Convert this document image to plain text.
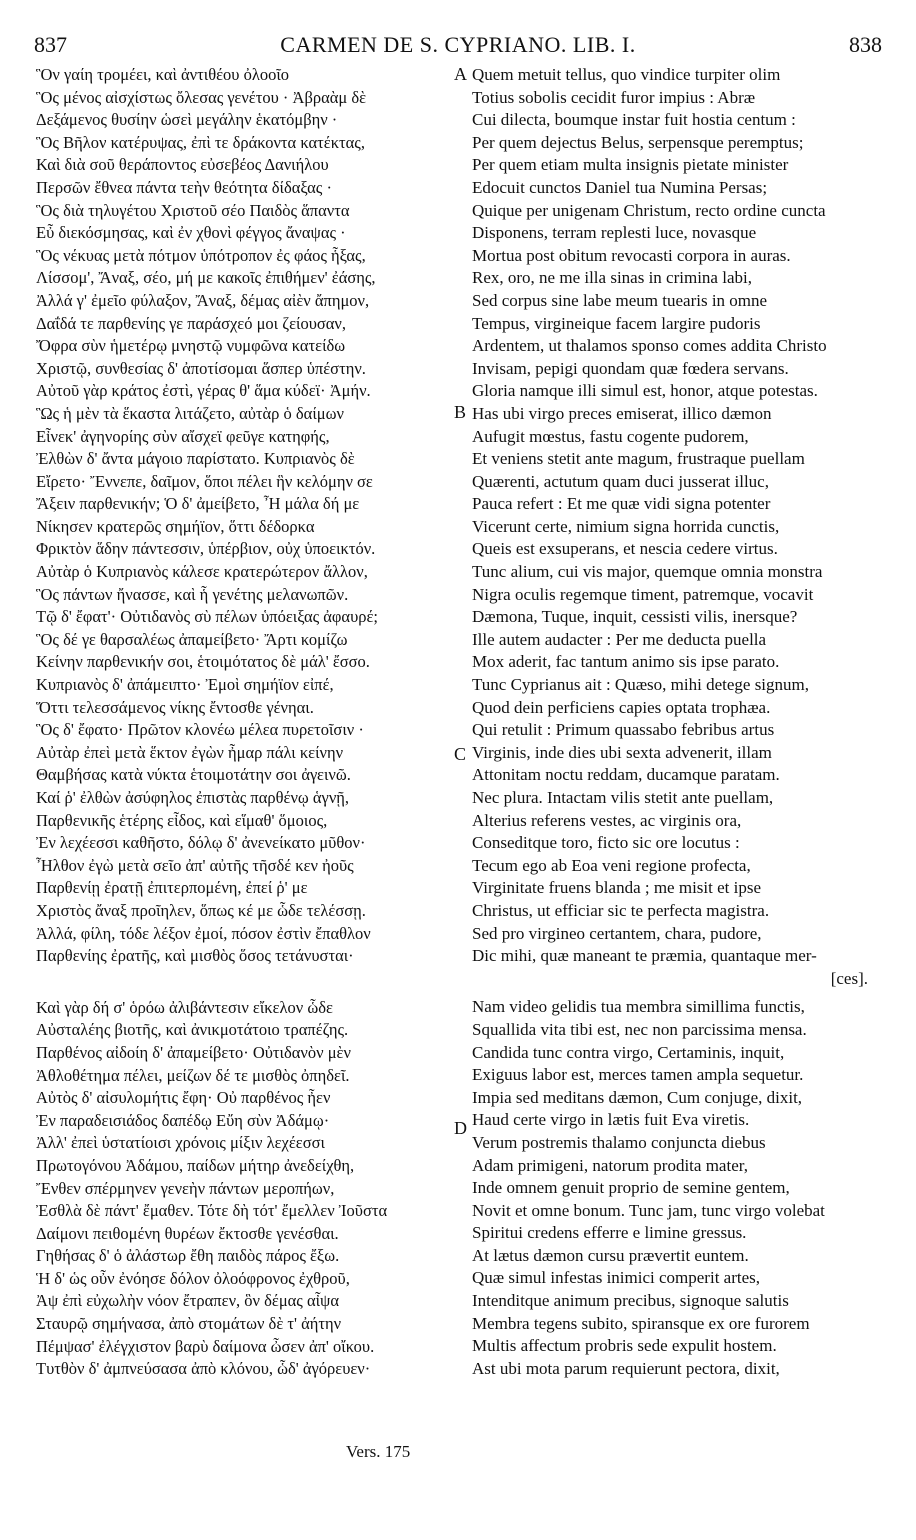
837	CARMEN DE S. CYPRIANO. LIB. I.	838
Ὃν γαίη τρομέει, καὶ ἀντιθέου ὀλοοῖο
Ὃς μένος αἰσχίστως ὄλεσας γενέτου · Ἀβραὰμ δὲ
Δεξάμενος θυσίην ὡσεὶ μεγάλην ἑκατόμβην ·
Ὃς Βῆλον κατέρυψας, ἐπὶ τε δράκοντα κατέκτας,
Καὶ διὰ σοῦ θεράποντος εὐσεβέος Δανιήλου
Περσῶν ἔθνεα πάντα τεὴν θεότητα δίδαξας ·
Ὃς διὰ τηλυγέτου Χριστοῦ σέο Παιδὸς ἅπαντα
Εὖ διεκόσμησας, καὶ ἐν χθονὶ φέγγος ἄναψας ·
Ὃς νέκυας μετὰ πότμον ὑπότροπον ἐς φάος ἧξας,
Λίσσομ', Ἄναξ, σέο, μή με κακοῖς ἐπιθήμεν' ἐάσης,
Ἀλλά γ' ἐμεῖο φύλαξον, Ἄναξ, δέμας αἰὲν ἄπημον,
Δαΐδά τε παρθενίης γε παράσχεό μοι ζείουσαν,
Ὄφρα σὺν ἡμετέρῳ μνηστῷ νυμφῶνα κατείδω
Χριστῷ, συνθεσίας δ' ἀποτίσομαι ἅσπερ ὑπέστην.
Αὐτοῦ γὰρ κράτος ἐστὶ, γέρας θ' ἅμα κύδεϊ· Ἀμήν.
Ὣς ἡ μὲν τὰ ἕκαστα λιτάζετο, αὐτὰρ ὁ δαίμων
Εἶνεκ' ἀγηνορίης σὺν αἴσχεϊ φεῦγε κατηφής,
Ἐλθὼν δ' ἄντα μάγοιο παρίστατο. Κυπριανὸς δὲ
Εἴρετο· Ἔννεπε, δαῖμον, ὅποι πέλει ἣν κελόμην σε
Ἄξειν παρθενικήν; Ὁ δ' ἀμείβετο, Ἦ μάλα δή με
Νίκησεν κρατερῶς σημήϊον, ὅττι δέδορκα
Φρικτὸν ἅδην πάντεσσιν, ὑπέρβιον, οὐχ ὑποεικτόν.
Αὐτὰρ ὁ Κυπριανὸς κάλεσε κρατερώτερον ἄλλον,
Ὃς πάντων ἤνασσε, καὶ ἧ γενέτης μελανωπῶν.
Τῷ δ' ἔφατ'· Οὐτιδανὸς σὺ πέλων ὑπόειξας ἀφαυρέ;
Ὃς δέ γε θαρσαλέως ἀπαμείβετο· Ἄρτι κομίζω
Κείνην παρθενικήν σοι, ἑτοιμότατος δὲ μάλ' ἔσσο.
Κυπριανὸς δ' ἀπάμειπτο· Ἐμοὶ σημήϊον εἰπέ,
Ὅττι τελεσσάμενος νίκης ἔντοσθε γένηαι.
Ὃς δ' ἔφατο· Πρῶτον κλονέω μέλεα πυρετοῖσιν ·
Αὐτὰρ ἐπεὶ μετὰ ἕκτον ἐγὼν ἦμαρ πάλι κείνην
Θαμβήσας κατὰ νύκτα ἑτοιμοτάτην σοι ἀγεινῶ.
Καί ῥ' ἐλθὼν ἀσύφηλος ἐπιστὰς παρθένῳ ἁγνῇ,
Παρθενικῆς ἑτέρης εἶδος, καὶ εἵμαθ' ὅμοιος,
Ἐν λεχέεσσι καθῆστο, δόλῳ δ' ἀνενείκατο μῦθον·
Ἦλθον ἐγὼ μετὰ σεῖο ἀπ' αὐτῆς τῆσδέ κεν ἠοῦς
Παρθενίῃ ἐρατῇ ἐπιτερπομένη, ἐπεί ῥ' με
Χριστὸς ἄναξ προῖηλεν, ὅπως κέ με ὧδε τελέσσῃ.
Ἀλλά, φίλη, τόδε λέξον ἐμοί, πόσον ἐστὶν ἔπαθλον
Παρθενίης ἐρατῆς, καὶ μισθὸς ὅσος τετάνυσται·
Καὶ γὰρ δή σ' ὁρόω ἀλιβάντεσιν εἴκελον ὧδε
Αὐσταλέης βιοτῆς, καὶ ἀνικμοτάτοιο τραπέζης.
Παρθένος αἰδοίη δ' ἀπαμείβετο· Οὐτιδανὸν μὲν
Ἀθλοθέτημα πέλει, μείζων δέ τε μισθὸς ὀπηδεῖ.
Αὐτὸς δ' αἰσυλομήτις ἔφη· Οὐ παρθένος ἦεν
Ἐν παραδεισιάδος δαπέδῳ Εὔη σὺν Ἀδάμῳ·
Ἀλλ' ἐπεὶ ὑστατίοισι χρόνοις μίξιν λεχέεσσι
Πρωτογόνου Ἀδάμου, παίδων μήτηρ ἀνεδείχθη,
Ἔνθεν σπέρμηνεν γενεὴν πάντων μεροπήων,
Ἐσθλὰ δὲ πάντ' ἔμαθεν. Τότε δὴ τότ' ἔμελλεν Ἰοῦστα
Δαίμονι πειθομένη θυρέων ἔκτοσθε γενέσθαι.
Γηθήσας δ' ὁ ἀλάστωρ ἔθη παιδὸς πάρος ἔξω.
Ἡ δ' ὡς οὖν ἐνόησε δόλον ὀλοόφρονος ἐχθροῦ,
Ἀψ ἐπὶ εὐχωλὴν νόον ἔτραπεν, ὃν δέμας αἶψα
Σταυρῷ σημήνασα, ἀπὸ στομάτων δὲ τ' ἀήτην
Πέμψασ' ἐλέγχιστον βαρὺ δαίμονα ὦσεν ἀπ' οἴκου.
Τυτθὸν δ' ἀμπνεύσασα ἀπὸ κλόνου, ὧδ' ἀγόρευεν·
Quem metuit tellus, quo vindice turpiter olim
Totius sobolis cecidit furor impius : Abræ
Cui dilecta, boumque instar fuit hostia centum :
Per quem dejectus Belus, serpensque peremptus;
Per quem etiam multa insignis pietate minister
Edocuit cunctos Daniel tua Numina Persas;
Quique per unigenam Christum, recto ordine cuncta
Disponens, terram replesti luce, novasque
Mortua post obitum revocasti corpora in auras.
Rex, oro, ne me illa sinas in crimina labi,
Sed corpus sine labe meum tuearis in omne
Tempus, virgineique facem largire pudoris
Ardentem, ut thalamos sponso comes addita Christo
Invisam, pepigi quondam quæ fœdera servans.
Gloria namque illi simul est, honor, atque potestas.
Has ubi virgo preces emiserat, illico dæmon
Aufugit mœstus, fastu cogente pudorem,
Et veniens stetit ante magum, frustraque puellam
Quærenti, actutum quam duci jusserat illuc,
Pauca refert : Et me quæ vidi signa potenter
Vicerunt certe, nimium signa horrida cunctis,
Queis est exsuperans, et nescia cedere virtus.
Tunc alium, cui vis major, quemque omnia monstra
Nigra oculis regemque timent, patremque, vocavit
Dæmona, Tuque, inquit, cessisti vilis, inersque?
Ille autem audacter : Per me deducta puella
Mox aderit, fac tantum animo sis ipse parato.
Tunc Cyprianus ait : Quæso, mihi detege signum,
Quod dein perficiens capies optata trophæa.
Qui retulit : Primum quassabo febribus artus
Virginis, inde dies ubi sexta advenerit, illam
Attonitam noctu reddam, ducamque paratam.
Nec plura. Intactam vilis stetit ante puellam,
Alterius referens vestes, ac virginis ora,
Conseditque toro, ficto sic ore locutus :
Tecum ego ab Eoa veni regione profecta,
Virginitate fruens blanda ; me misit et ipse
Christus, ut efficiar sic te perfecta magistra.
Sed pro virgineo certantem, chara, pudore,
Dic mihi, quæ maneant te præmia, quantaque mer-
[ces].
Nam video gelidis tua membra simillima functis,
Squallida vita tibi est, nec non parcissima mensa.
Candida tunc contra virgo, Certaminis, inquit,
Exiguus labor est, merces tamen ampla sequetur.
Impia sed meditans dæmon, Cum conjuge, dixit,
Haud certe virgo in lætis fuit Eva viretis.
Verum postremis thalamo conjuncta diebus
Adam primigeni, natorum prodita mater,
Inde omnem genuit proprio de semine gentem,
Novit et omne bonum. Tunc jam, tunc virgo volebat
Spiritui credens efferre e limine gressus.
At lætus dæmon cursu prævertit euntem.
Quæ simul infestas inimici comperit artes,
Intenditque animum precibus, signoque salutis
Membra tegens subito, spiransque ex ore furorem
Multis affectum probris sede expulit hostem.
Ast ubi mota parum requierunt pectora, dixit,
A
B
C
D
Vers. 175
